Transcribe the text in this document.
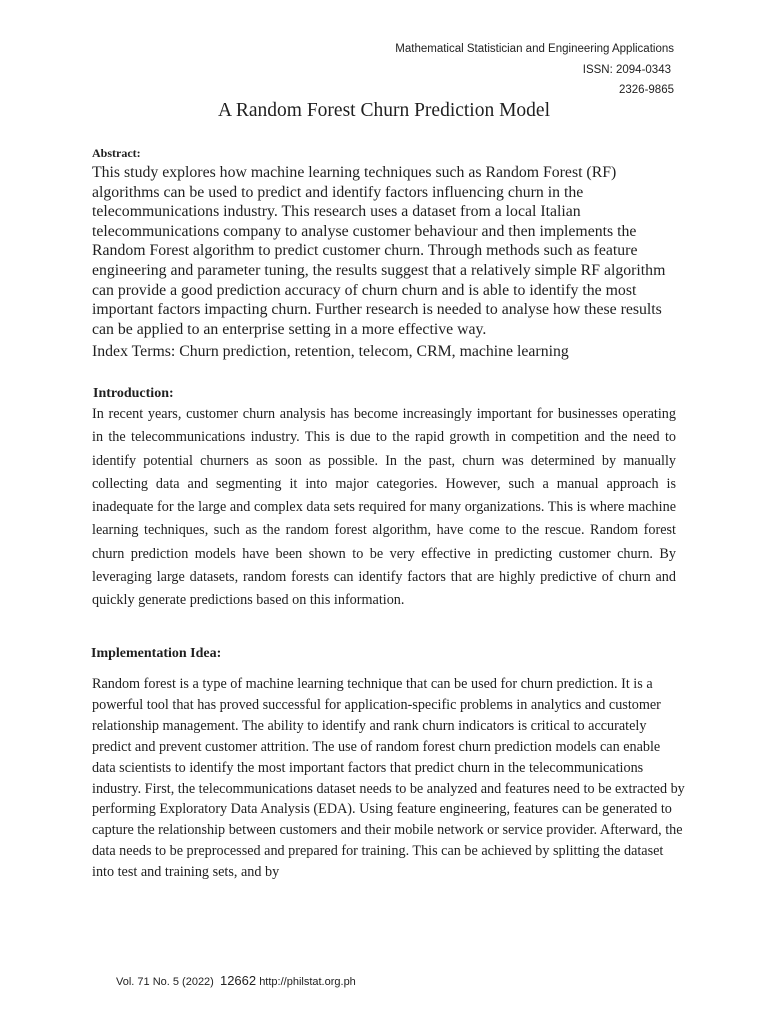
Mathematical Statistician and Engineering Applications
ISSN: 2094-0343
2326-9865
A Random Forest Churn Prediction Model
Abstract:

This study explores how machine learning techniques such as Random Forest (RF) algorithms can be used to predict and identify factors influencing churn in the telecommunications industry. This research uses a dataset from a local Italian telecommunications company to analyse customer behaviour and then implements the Random Forest algorithm to predict customer churn. Through methods such as feature engineering and parameter tuning, the results suggest that a relatively simple RF algorithm can provide a good prediction accuracy of churn churn and is able to identify the most important factors impacting churn. Further research is needed to analyse how these results can be applied to an enterprise setting in a more effective way.

Index Terms: Churn prediction, retention, telecom, CRM, machine learning

Introduction:

In recent years, customer churn analysis has become increasingly important for businesses operating in the telecommunications industry. This is due to the rapid growth in competition and the need to identify potential churners as soon as possible. In the past, churn was determined by manually collecting data and segmenting it into major categories. However, such a manual approach is inadequate for the large and complex data sets required for many organizations. This is where machine learning techniques, such as the random forest algorithm, have come to the rescue. Random forest churn prediction models have been shown to be very effective in predicting customer churn. By leveraging large datasets, random forests can identify factors that are highly predictive of churn and quickly generate predictions based on this information.

Implementation Idea:

Random forest is a type of machine learning technique that can be used for churn prediction. It is a powerful tool that has proved successful for application-specific problems in analytics and customer relationship management. The ability to identify and rank churn indicators is critical to accurately predict and prevent customer attrition. The use of random forest churn prediction models can enable data scientists to identify the most important factors that predict churn in the telecommunications industry. First, the telecommunications dataset needs to be analyzed and features need to be extracted by performing Exploratory Data Analysis (EDA). Using feature engineering, features can be generated to capture the relationship between customers and their mobile network or service provider. Afterward, the data needs to be preprocessed and prepared for training. This can be achieved by splitting the dataset into test and training sets, and by

Vol. 71 No. 5 (2022) 12662 http://philstat.org.ph
